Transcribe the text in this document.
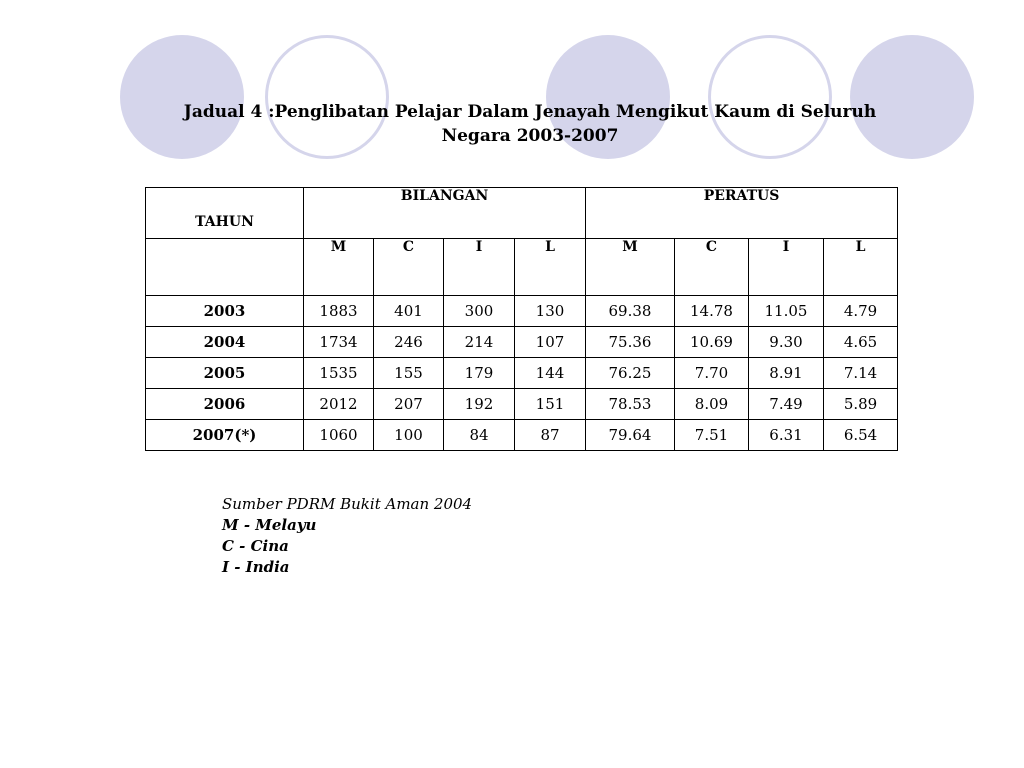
Jadual 4 :Penglibatan Pelajar Dalam Jenayah Mengikut Kaum di Seluruh
Negara 2003-2007
TAHUN	BILANGAN				PERATUS			
	M	C	I	L	M	C	I	L
2003	1883	401	300	130	69.38	14.78	11.05	4.79
2004	1734	246	214	107	75.36	10.69	9.30	4.65
2005	1535	155	179	144	76.25	7.70	8.91	7.14
2006	2012	207	192	151	78.53	8.09	7.49	5.89
2007(*)	1060	100	84	87	79.64	7.51	6.31	6.54
Sumber PDRM Bukit Aman 2004
M - Melayu
C - Cina
I - India
